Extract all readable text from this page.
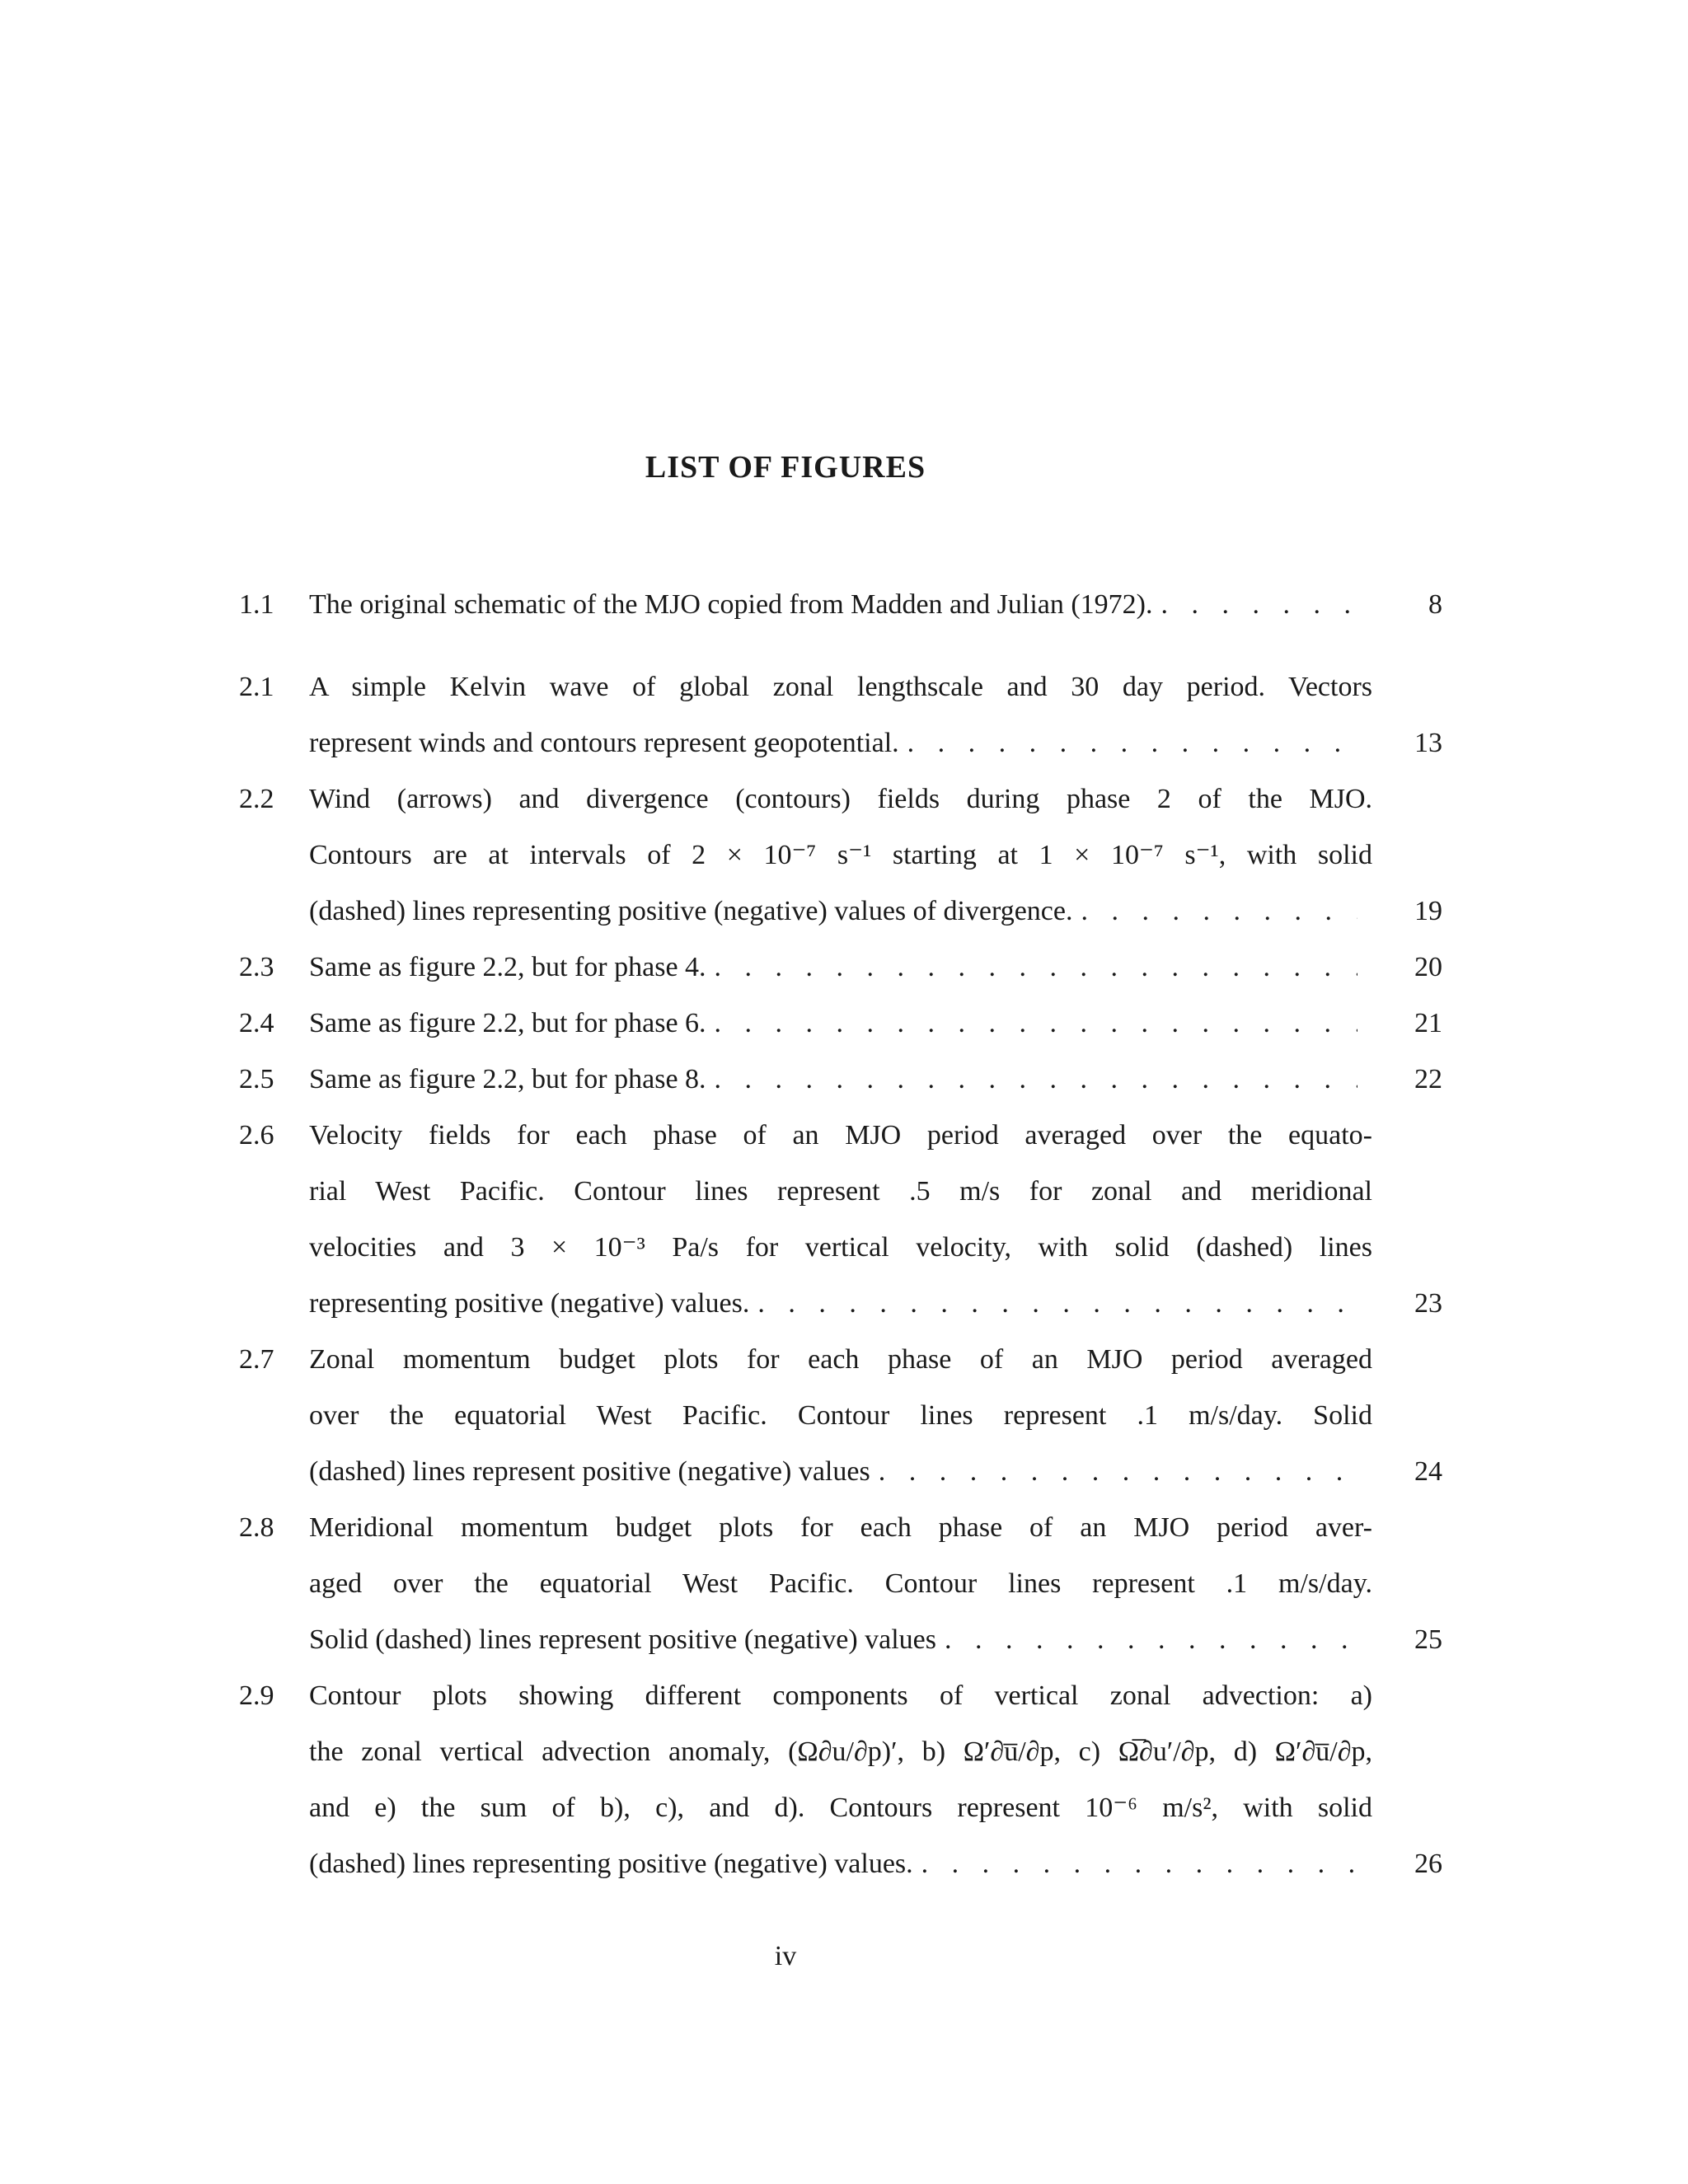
LIST OF FIGURES
1.1	The original schematic of the MJO copied from Madden and Julian (1972). . . .	8
2.1	A simple Kelvin wave of global zonal lengthscale and 30 day period. Vectors
represent winds and contours represent geopotential. . . .	13
2.2	Wind (arrows) and divergence (contours) fields during phase 2 of the MJO.
Contours are at intervals of 2 × 10⁻⁷ s⁻¹ starting at 1 × 10⁻⁷ s⁻¹, with solid
(dashed) lines representing positive (negative) values of divergence. . . .	19
2.3	Same as figure 2.2, but for phase 4. . . .	20
2.4	Same as figure 2.2, but for phase 6. . . .	21
2.5	Same as figure 2.2, but for phase 8. . . .	22
2.6	Velocity fields for each phase of an MJO period averaged over the equato-
rial West Pacific. Contour lines represent .5 m/s for zonal and meridional
velocities and 3 × 10⁻³ Pa/s for vertical velocity, with solid (dashed) lines
representing positive (negative) values. . . .	23
2.7	Zonal momentum budget plots for each phase of an MJO period averaged
over the equatorial West Pacific. Contour lines represent .1 m/s/day. Solid
(dashed) lines represent positive (negative) values . . .	24
2.8	Meridional momentum budget plots for each phase of an MJO period aver-
aged over the equatorial West Pacific. Contour lines represent .1 m/s/day.
Solid (dashed) lines represent positive (negative) values . . .	25
2.9	Contour plots showing different components of vertical zonal advection: a)
the zonal vertical advection anomaly, (Ω∂u/∂p)′, b) Ω′∂u̅/∂p, c) Ω̅∂u′/∂p, d) Ω′∂u̅/∂p,
and e) the sum of b), c), and d). Contours represent 10⁻⁶ m/s², with solid
(dashed) lines representing positive (negative) values. . . .	26
iv
